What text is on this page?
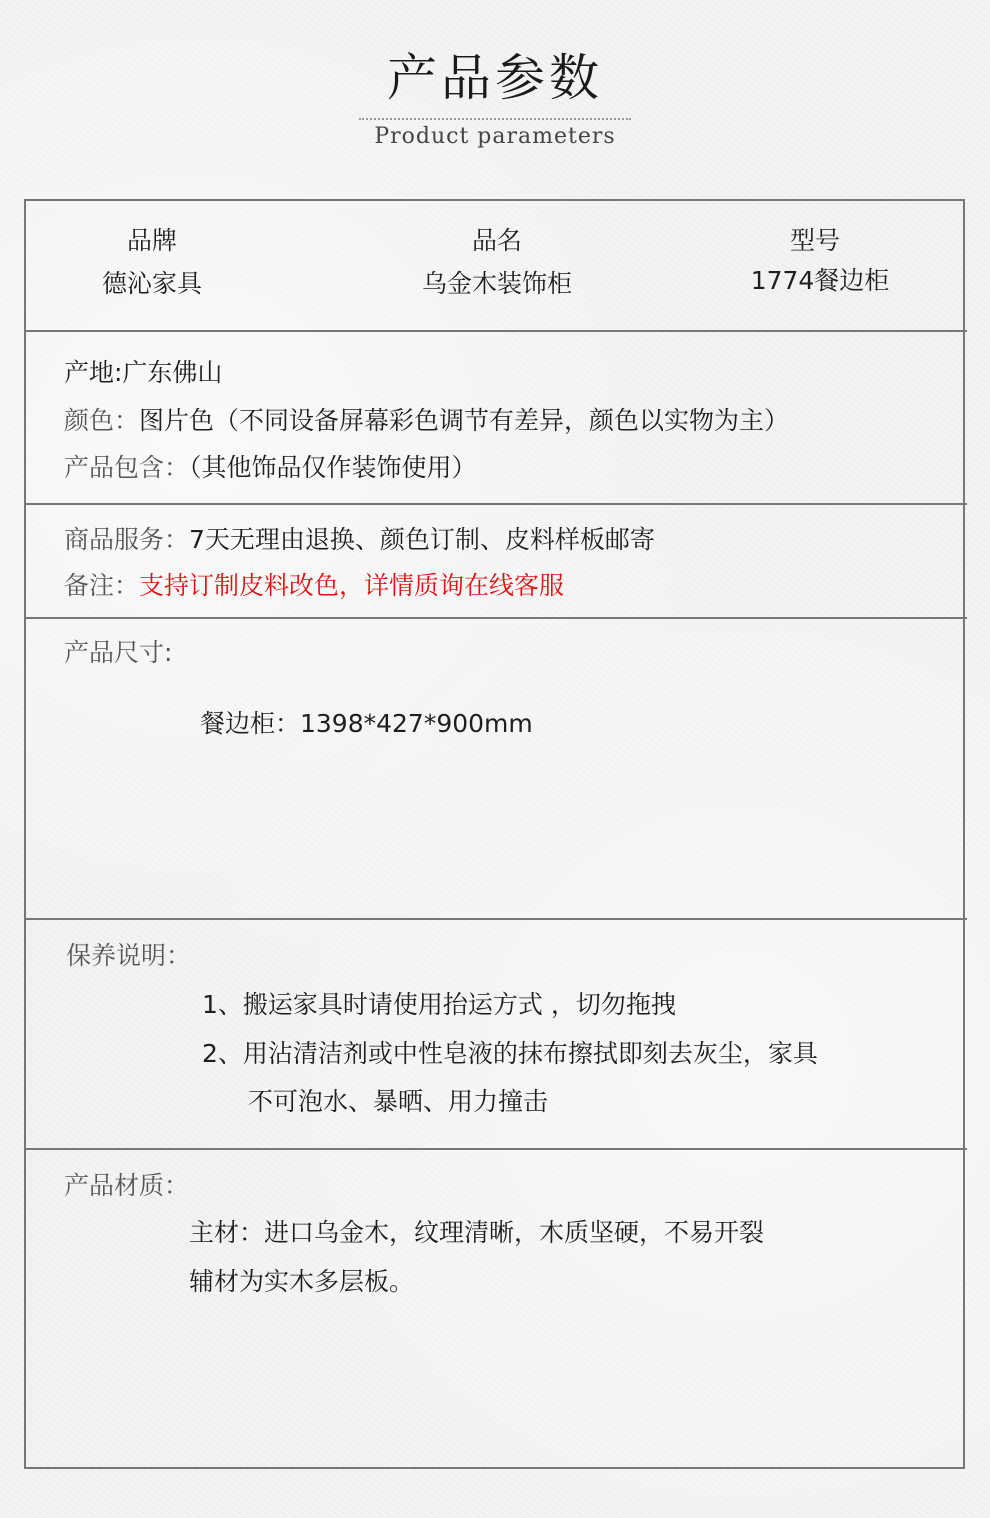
产品参数
Product parameters
品牌
德沁家具
品名
乌金木装饰柜
型号
1774餐边柜
产地:广东佛山
颜色：图片色（不同设备屏幕彩色调节有差异，颜色以实物为主）
产品包含：（其他饰品仅作装饰使用）
商品服务：7天无理由退换、颜色订制、皮料样板邮寄
备注：支持订制皮料改色，详情质询在线客服
产品尺寸:
餐边柜：1398*427*900mm
保养说明：
1、搬运家具时请使用抬运方式 ，切勿拖拽
2、用沾清洁剂或中性皂液的抹布擦拭即刻去灰尘，家具
不可泡水、暴晒、用力撞击
产品材质：
主材：进口乌金木，纹理清晰，木质坚硬，不易开裂
辅材为实木多层板。
